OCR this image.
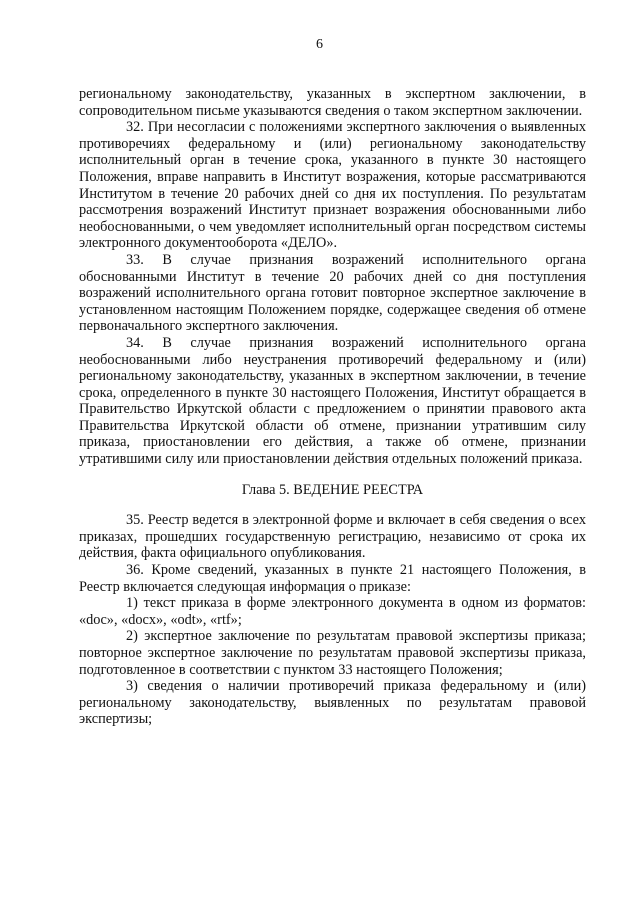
6

региональному законодательству, указанных в экспертном заключении, в сопроводительном письме указываются сведения о таком экспертном заключении.

32. При несогласии с положениями экспертного заключения о выявленных противоречиях федеральному и (или) региональному законодательству исполнительный орган в течение срока, указанного в пункте 30 настоящего Положения, вправе направить в Институт возражения, которые рассматриваются Институтом в течение 20 рабочих дней со дня их поступления. По результатам рассмотрения возражений Институт признает возражения обоснованными либо необоснованными, о чем уведомляет исполнительный орган посредством системы электронного документооборота «ДЕЛО».

33. В случае признания возражений исполнительного органа обоснованными Институт в течение 20 рабочих дней со дня поступления возражений исполнительного органа готовит повторное экспертное заключение в установленном настоящим Положением порядке, содержащее сведения об отмене первоначального экспертного заключения.

34. В случае признания возражений исполнительного органа необоснованными либо неустранения противоречий федеральному и (или) региональному законодательству, указанных в экспертном заключении, в течение срока, определенного в пункте 30 настоящего Положения, Институт обращается в Правительство Иркутской области с предложением о принятии правового акта Правительства Иркутской области об отмене, признании утратившим силу приказа, приостановлении его действия, а также об отмене, признании утратившими силу или приостановлении действия отдельных положений приказа.

Глава 5. ВЕДЕНИЕ РЕЕСТРА

35. Реестр ведется в электронной форме и включает в себя сведения о всех приказах, прошедших государственную регистрацию, независимо от срока их действия, факта официального опубликования.

36. Кроме сведений, указанных в пункте 21 настоящего Положения, в Реестр включается следующая информация о приказе:

1) текст приказа в форме электронного документа в одном из форматов: «doc», «docx», «odt», «rtf»;

2) экспертное заключение по результатам правовой экспертизы приказа; повторное экспертное заключение по результатам правовой экспертизы приказа, подготовленное в соответствии с пунктом 33 настоящего Положения;

3) сведения о наличии противоречий приказа федеральному и (или) региональному законодательству, выявленных по результатам правовой экспертизы;
